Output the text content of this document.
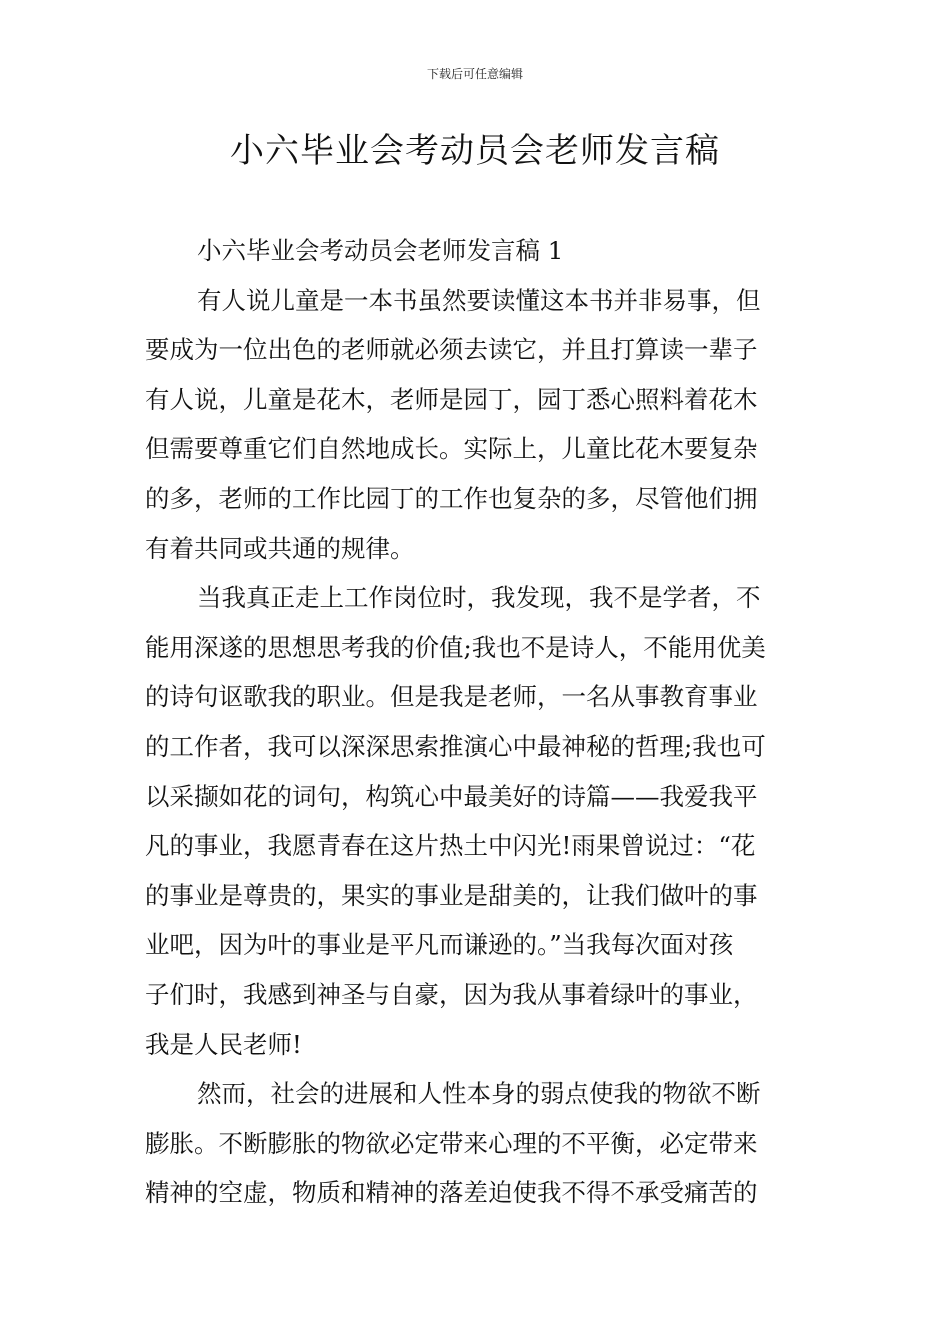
下载后可任意编辑
小六毕业会考动员会老师发言稿
小六毕业会考动员会老师发言稿 1
有人说儿童是一本书虽然要读懂这本书并非易事，但
要成为一位出色的老师就必须去读它，并且打算读一辈子
有人说，儿童是花木，老师是园丁，园丁悉心照料着花木
但需要尊重它们自然地成长。实际上，儿童比花木要复杂
的多，老师的工作比园丁的工作也复杂的多，尽管他们拥
有着共同或共通的规律。
当我真正走上工作岗位时，我发现，我不是学者，不
能用深遂的思想思考我的价值;我也不是诗人，不能用优美
的诗句讴歌我的职业。但是我是老师，一名从事教育事业
的工作者，我可以深深思索推演心中最神秘的哲理;我也可
以采撷如花的词句，构筑心中最美好的诗篇——我爱我平
凡的事业，我愿青春在这片热土中闪光!雨果曾说过：“花
的事业是尊贵的，果实的事业是甜美的，让我们做叶的事
业吧，因为叶的事业是平凡而谦逊的。”当我每次面对孩
子们时，我感到神圣与自豪，因为我从事着绿叶的事业，
我是人民老师!
然而，社会的进展和人性本身的弱点使我的物欲不断
膨胀。不断膨胀的物欲必定带来心理的不平衡，必定带来
精神的空虚，物质和精神的落差迫使我不得不承受痛苦的
